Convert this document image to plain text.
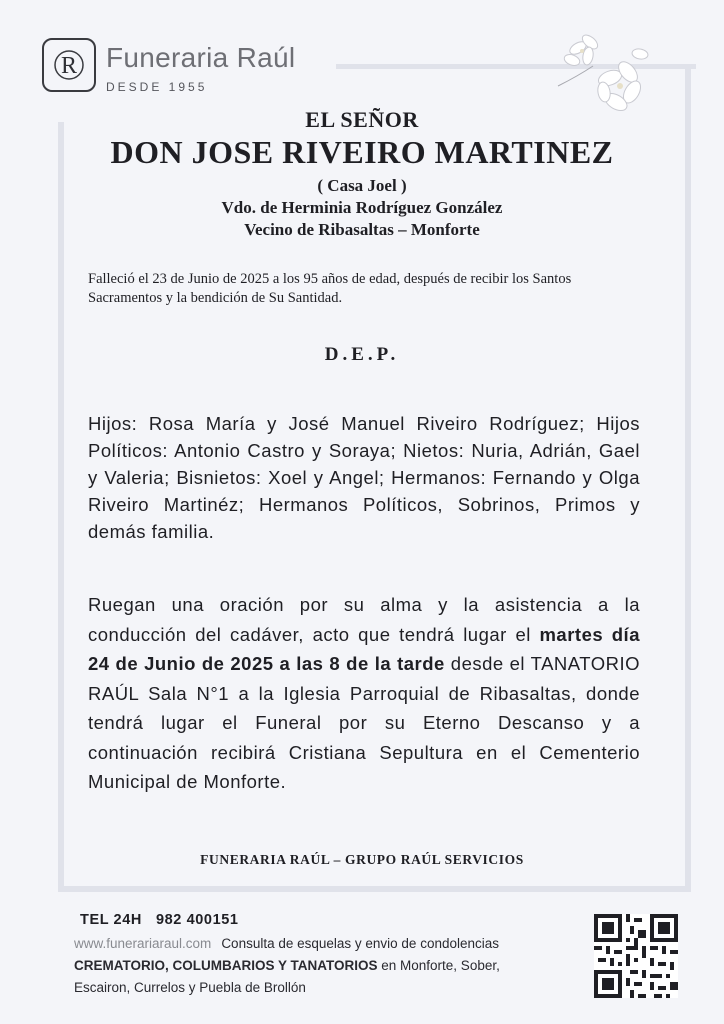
R Funeraria Raúl
DESDE 1955
EL SEÑOR
DON JOSE RIVEIRO MARTINEZ
( Casa Joel )
Vdo. de Herminia Rodríguez González
Vecino de Ribasaltas – Monforte
Falleció el 23 de Junio de 2025 a los 95 años de edad, después de recibir los Santos Sacramentos y la bendición de Su Santidad.
D.E.P.
Hijos: Rosa María y José Manuel Riveiro Rodríguez; Hijos Políticos: Antonio Castro y Soraya; Nietos: Nuria, Adrián, Gael y Valeria; Bisnietos: Xoel y Angel; Hermanos: Fernando y Olga Riveiro Martinéz; Hermanos Políticos, Sobrinos, Primos y demás familia.
Ruegan una oración por su alma y la asistencia a la conducción del cadáver, acto que tendrá lugar el martes día 24 de Junio de 2025 a las 8 de la tarde desde el TANATORIO RAÚL Sala N°1 a la Iglesia Parroquial de Ribasaltas, donde tendrá lugar el Funeral por su Eterno Descanso y a continuación recibirá Cristiana Sepultura en el Cementerio Municipal de Monforte.
FUNERARIA RAÚL – GRUPO RAÚL SERVICIOS
TEL 24H 982 400151
www.funerariaraul.com Consulta de esquelas y envio de condolencias CREMATORIO, COLUMBARIOS Y TANATORIOS en Monforte, Sober, Escairon, Currelos y Puebla de Brollón
